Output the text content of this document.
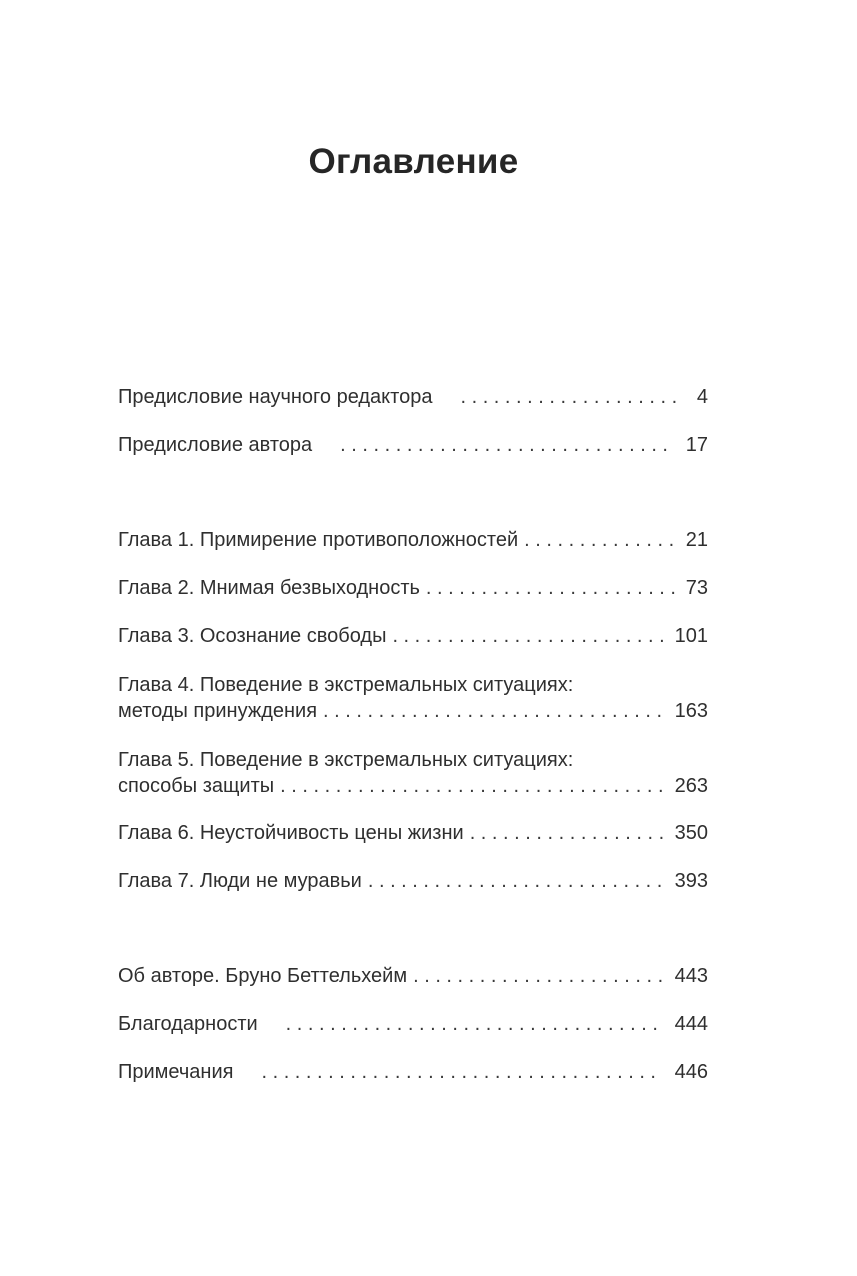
Оглавление
Предисловие научного редактора . . .	4
Предисловие автора . . .	17
Глава 1. Примирение противоположностей . . .	21
Глава 2. Мнимая безвыходность . . .	73
Глава 3. Осознание свободы . . .	101
Глава 4. Поведение в экстремальных ситуациях:
методы принуждения . . .	163
Глава 5. Поведение в экстремальных ситуациях:
способы защиты . . .	263
Глава 6. Неустойчивость цены жизни . . .	350
Глава 7. Люди не муравьи . . .	393
Об авторе. Бруно Беттельхейм . . .	443
Благодарности . . .	444
Примечания . . .	446
